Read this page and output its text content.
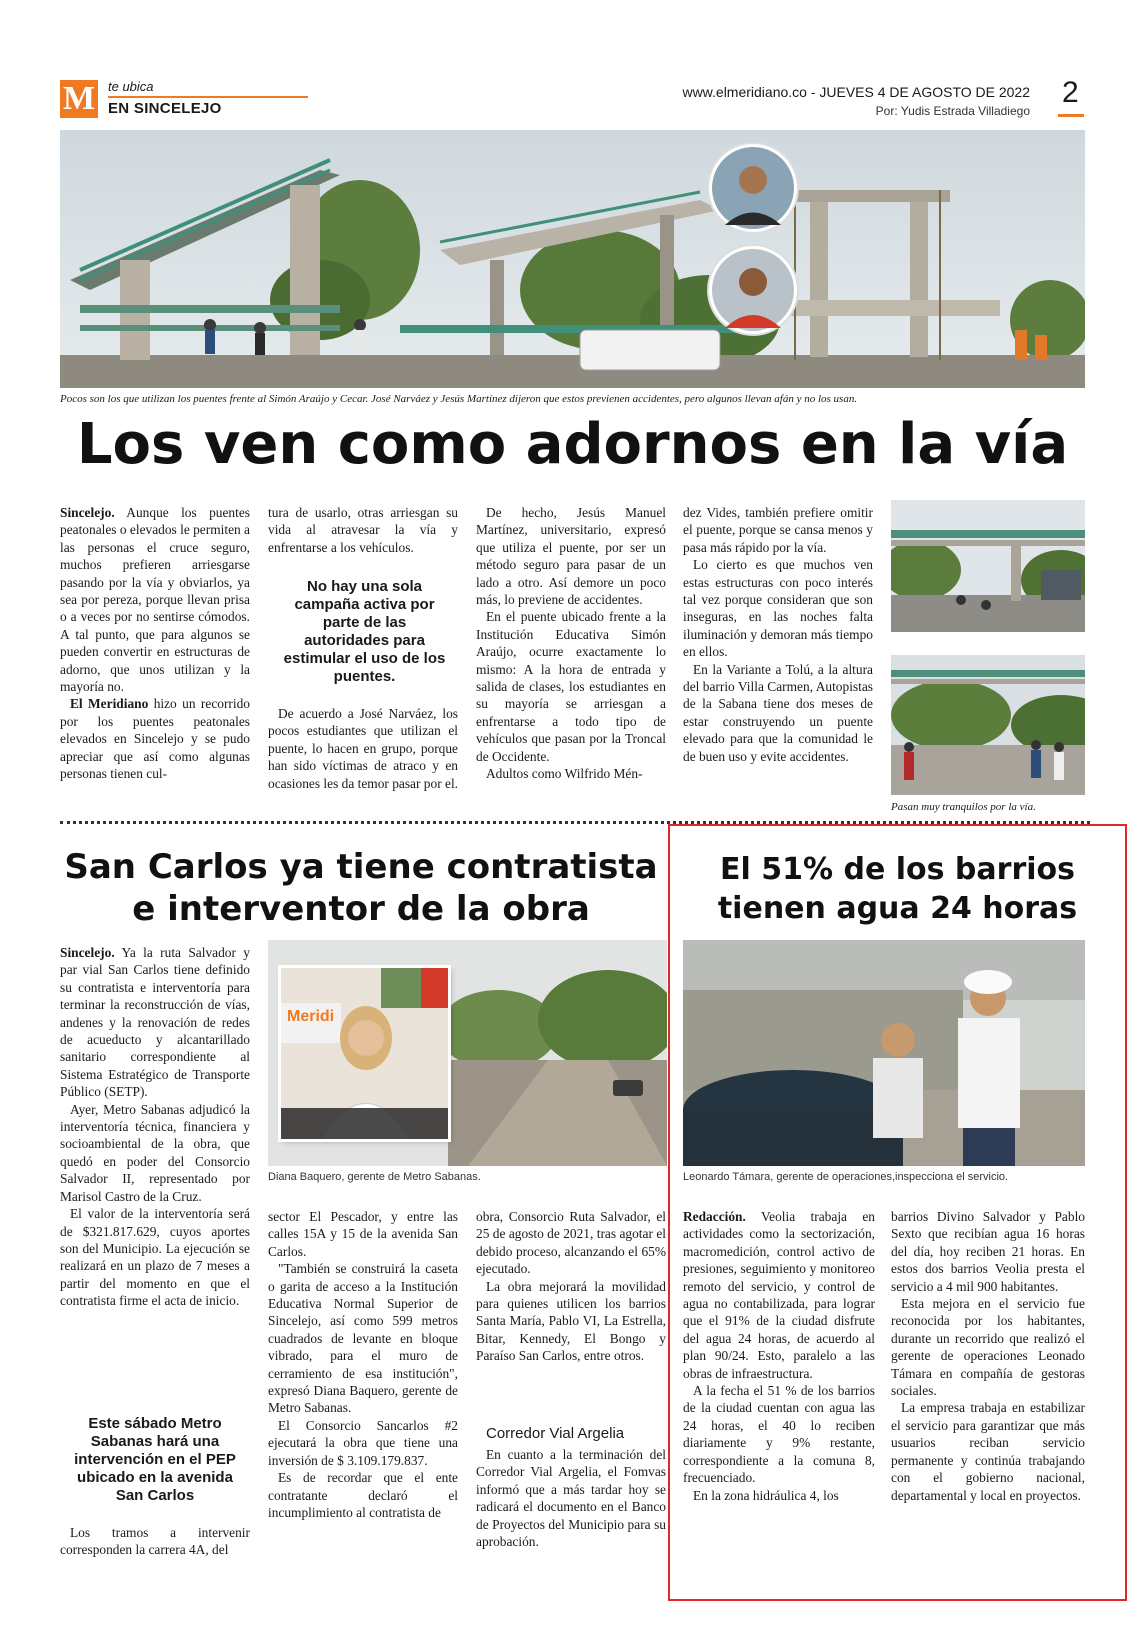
M te ubica
EN SINCELEJO
www.elmeridiano.co - JUEVES 4 DE AGOSTO DE 2022
Por: Yudis Estrada Villadiego
2
Pocos son los que utilizan los puentes frente al Simón Araújo y Cecar. José Narváez y Jesús Martínez dijeron que estos previenen accidentes, pero algunos llevan afán y no los usan.
Los ven como adornos en la vía

Sincelejo. Aunque los puentes peatonales o elevados le permiten a las personas el cruce seguro, muchos prefieren arriesgarse pasando por la vía y obviarlos, ya sea por pereza, porque llevan prisa o a veces por no sentirse cómodos. A tal punto, que para algunos se pueden convertir en estructuras de adorno, que unos utilizan y la mayoría no.

El Meridiano hizo un recorrido por los puentes peatonales elevados en Sincelejo y se pudo apreciar que así como algunas personas tienen cul-

tura de usarlo, otras arriesgan su vida al atravesar la vía y enfrentarse a los vehículos.

No hay una sola campaña activa por parte de las autoridades para estimular el uso de los puentes.

De acuerdo a José Narváez, los pocos estudiantes que utilizan el puente, lo hacen en grupo, porque han sido víctimas de atraco y en ocasiones les da temor pasar por el.

De hecho, Jesús Manuel Martínez, universitario, expresó que utiliza el puente, por ser un método seguro para pasar de un lado a otro. Así demore un poco más, lo previene de accidentes.

En el puente ubicado frente a la Institución Educativa Simón Araújo, ocurre exactamente lo mismo: A la hora de entrada y salida de clases, los estudiantes en su mayoría se arriesgan a enfrentarse a todo tipo de vehículos que pasan por la Troncal de Occidente.

Adultos como Wilfrido Mén-

dez Vides, también prefiere omitir el puente, porque se cansa menos y pasa más rápido por la vía.

Lo cierto es que muchos ven estas estructuras con poco interés tal vez porque consideran que son inseguras, en las noches falta iluminación y demoran más tiempo en ellos.

En la Variante a Tolú, a la altura del barrio Villa Carmen, Autopistas de la Sabana tiene dos meses de estar construyendo un puente elevado para que la comunidad le de buen uso y evite accidentes.

Pasan muy tranquilos por la vía.
San Carlos ya tiene contratista
e interventor de la obra
Meridi
Diana Baquero, gerente de Metro Sabanas.

Sincelejo. Ya la ruta Salvador y par vial San Carlos tiene definido su contratista e interventoría para terminar la reconstrucción de vías, andenes y la renovación de redes de acueducto y alcantarillado sanitario correspondiente al Sistema Estratégico de Transporte Público (SETP).

Ayer, Metro Sabanas adjudicó la interventoría técnica, financiera y socioambiental de la obra, que quedó en poder del Consorcio Salvador II, representado por Marisol Castro de la Cruz.

El valor de la interventoría será de $321.817.629, cuyos aportes son del Municipio. La ejecución se realizará en un plazo de 7 meses a partir del momento en que el contratista firme el acta de inicio.

Este sábado Metro Sabanas hará una intervención en el PEP ubicado en la avenida San Carlos

Los tramos a intervenir corresponden la carrera 4A, del

sector El Pescador, y entre las calles 15A y 15 de la avenida San Carlos.

"También se construirá la caseta o garita de acceso a la Institución Educativa Normal Superior de Sincelejo, así como 599 metros cuadrados de levante en bloque vibrado, para el muro de cerramiento de esa institución", expresó Diana Baquero, gerente de Metro Sabanas.

El Consorcio Sancarlos #2 ejecutará la obra que tiene una inversión de $ 3.109.179.837.

Es de recordar que el ente contratante declaró el incumplimiento al contratista de

obra, Consorcio Ruta Salvador, el 25 de agosto de 2021, tras agotar el debido proceso, alcanzando el 65% ejecutado.

La obra mejorará la movilidad para quienes utilicen los barrios Santa María, Pablo VI, La Estrella, Bitar, Kennedy, El Bongo y Paraíso San Carlos, entre otros.

Corredor Vial Argelia

En cuanto a la terminación del Corredor Vial Argelia, el Fomvas informó que a más tardar hoy se radicará el documento en el Banco de Proyectos del Municipio para su aprobación.

El 51% de los barrios
tienen agua 24 horas
Leonardo Támara, gerente de operaciones,inspecciona el servicio.

Redacción. Veolia trabaja en actividades como la sectorización, macromedición, control activo de presiones, seguimiento y monitoreo remoto del servicio, y control de agua no contabilizada, para lograr que el 91% de la ciudad disfrute del agua 24 horas, de acuerdo al plan 90/24. Esto, paralelo a las obras de infraestructura.

A la fecha el 51 % de los barrios de la ciudad cuentan con agua las 24 horas, el 40 lo reciben diariamente y 9% restante, correspondiente a la comuna 8, frecuenciado.

En la zona hidráulica 4, los

barrios Divino Salvador y Pablo Sexto que recibían agua 16 horas del día, hoy reciben 21 horas. En estos dos barrios Veolia presta el servicio a 4 mil 900 habitantes.

Esta mejora en el servicio fue reconocida por los habitantes, durante un recorrido que realizó el gerente de operaciones Leonado Támara en compañía de gestoras sociales.

La empresa trabaja en estabilizar el servicio para garantizar que más usuarios reciban servicio permanente y continúa trabajando con el gobierno nacional, departamental y local en proyectos.
